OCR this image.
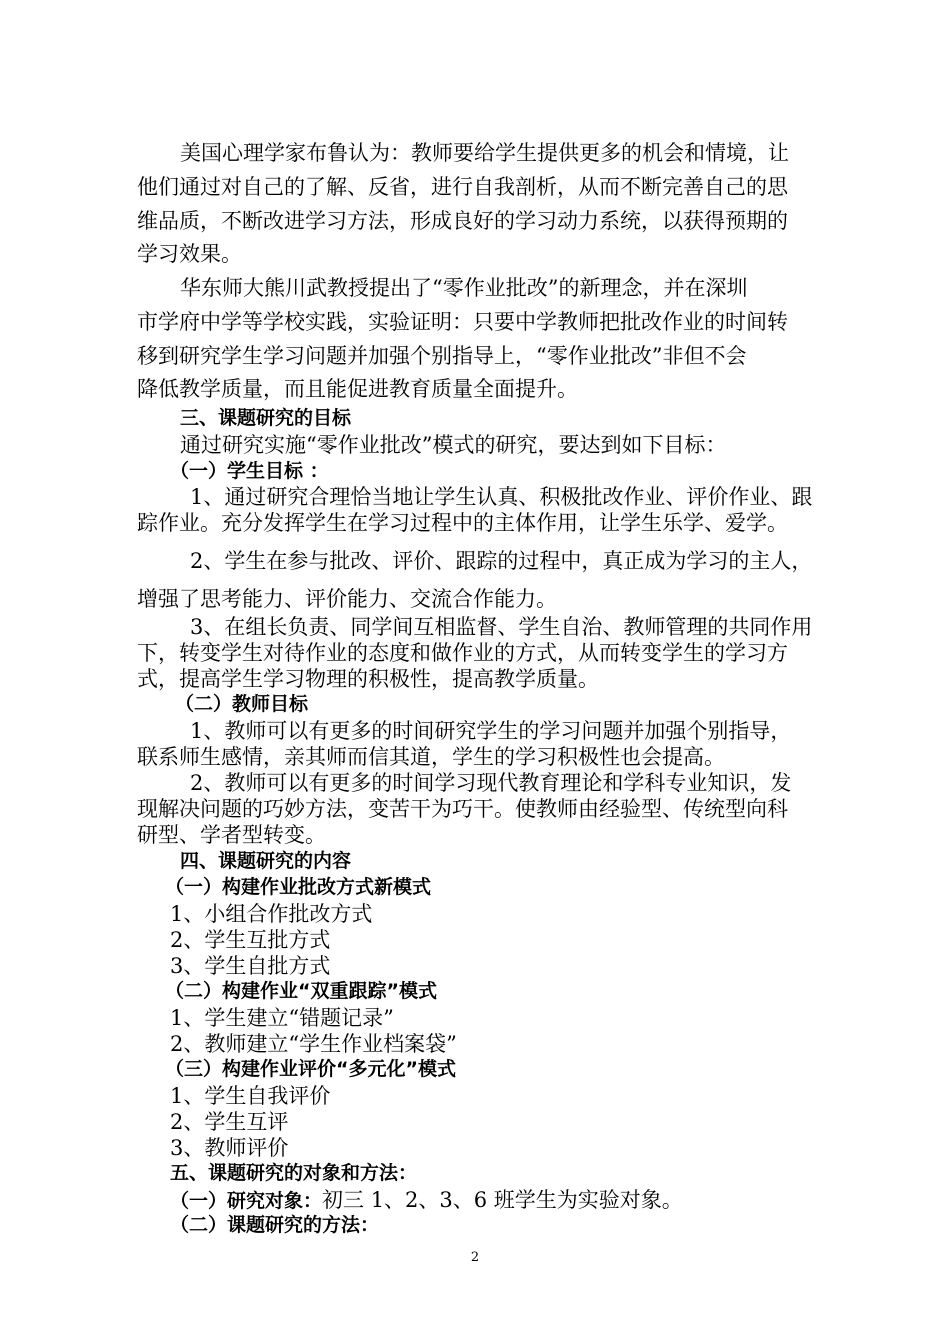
美国心理学家布鲁认为：教师要给学生提供更多的机会和情境，让
他们通过对自己的了解、反省，进行自我剖析，从而不断完善自己的思
维品质，不断改进学习方法，形成良好的学习动力系统，以获得预期的
学习效果。
华东师大熊川武教授提出了“零作业批改”的新理念，并在深圳
市学府中学等学校实践，实验证明：只要中学教师把批改作业的时间转
移到研究学生学习问题并加强个别指导上，“零作业批改”非但不会
降低教学质量，而且能促进教育质量全面提升。
三、课题研究的目标
通过研究实施“零作业批改”模式的研究，要达到如下目标：
（一）学生目标 ：
1、通过研究合理恰当地让学生认真、积极批改作业、评价作业、跟
踪作业。充分发挥学生在学习过程中的主体作用，让学生乐学、爱学。
2、学生在参与批改、评价、跟踪的过程中，真正成为学习的主人，
增强了思考能力、评价能力、交流合作能力。
3、在组长负责、同学间互相监督、学生自治、教师管理的共同作用
下，转变学生对待作业的态度和做作业的方式，从而转变学生的学习方
式，提高学生学习物理的积极性，提高教学质量。
（二）教师目标
1、教师可以有更多的时间研究学生的学习问题并加强个别指导，
联系师生感情，亲其师而信其道，学生的学习积极性也会提高。
2、教师可以有更多的时间学习现代教育理论和学科专业知识，发
现解决问题的巧妙方法，变苦干为巧干。使教师由经验型、传统型向科
研型、学者型转变。
四、课题研究的内容
（一）构建作业批改方式新模式
1、小组合作批改方式
2、学生互批方式
3、学生自批方式
（二）构建作业“双重跟踪”模式
1、学生建立“错题记录”
2、教师建立“学生作业档案袋”
（三）构建作业评价“多元化”模式
1、学生自我评价
2、学生互评
3、教师评价
五、课题研究的对象和方法：
（一）研究对象：初三 1、2、3、6 班学生为实验对象。
（二）课题研究的方法：
2
